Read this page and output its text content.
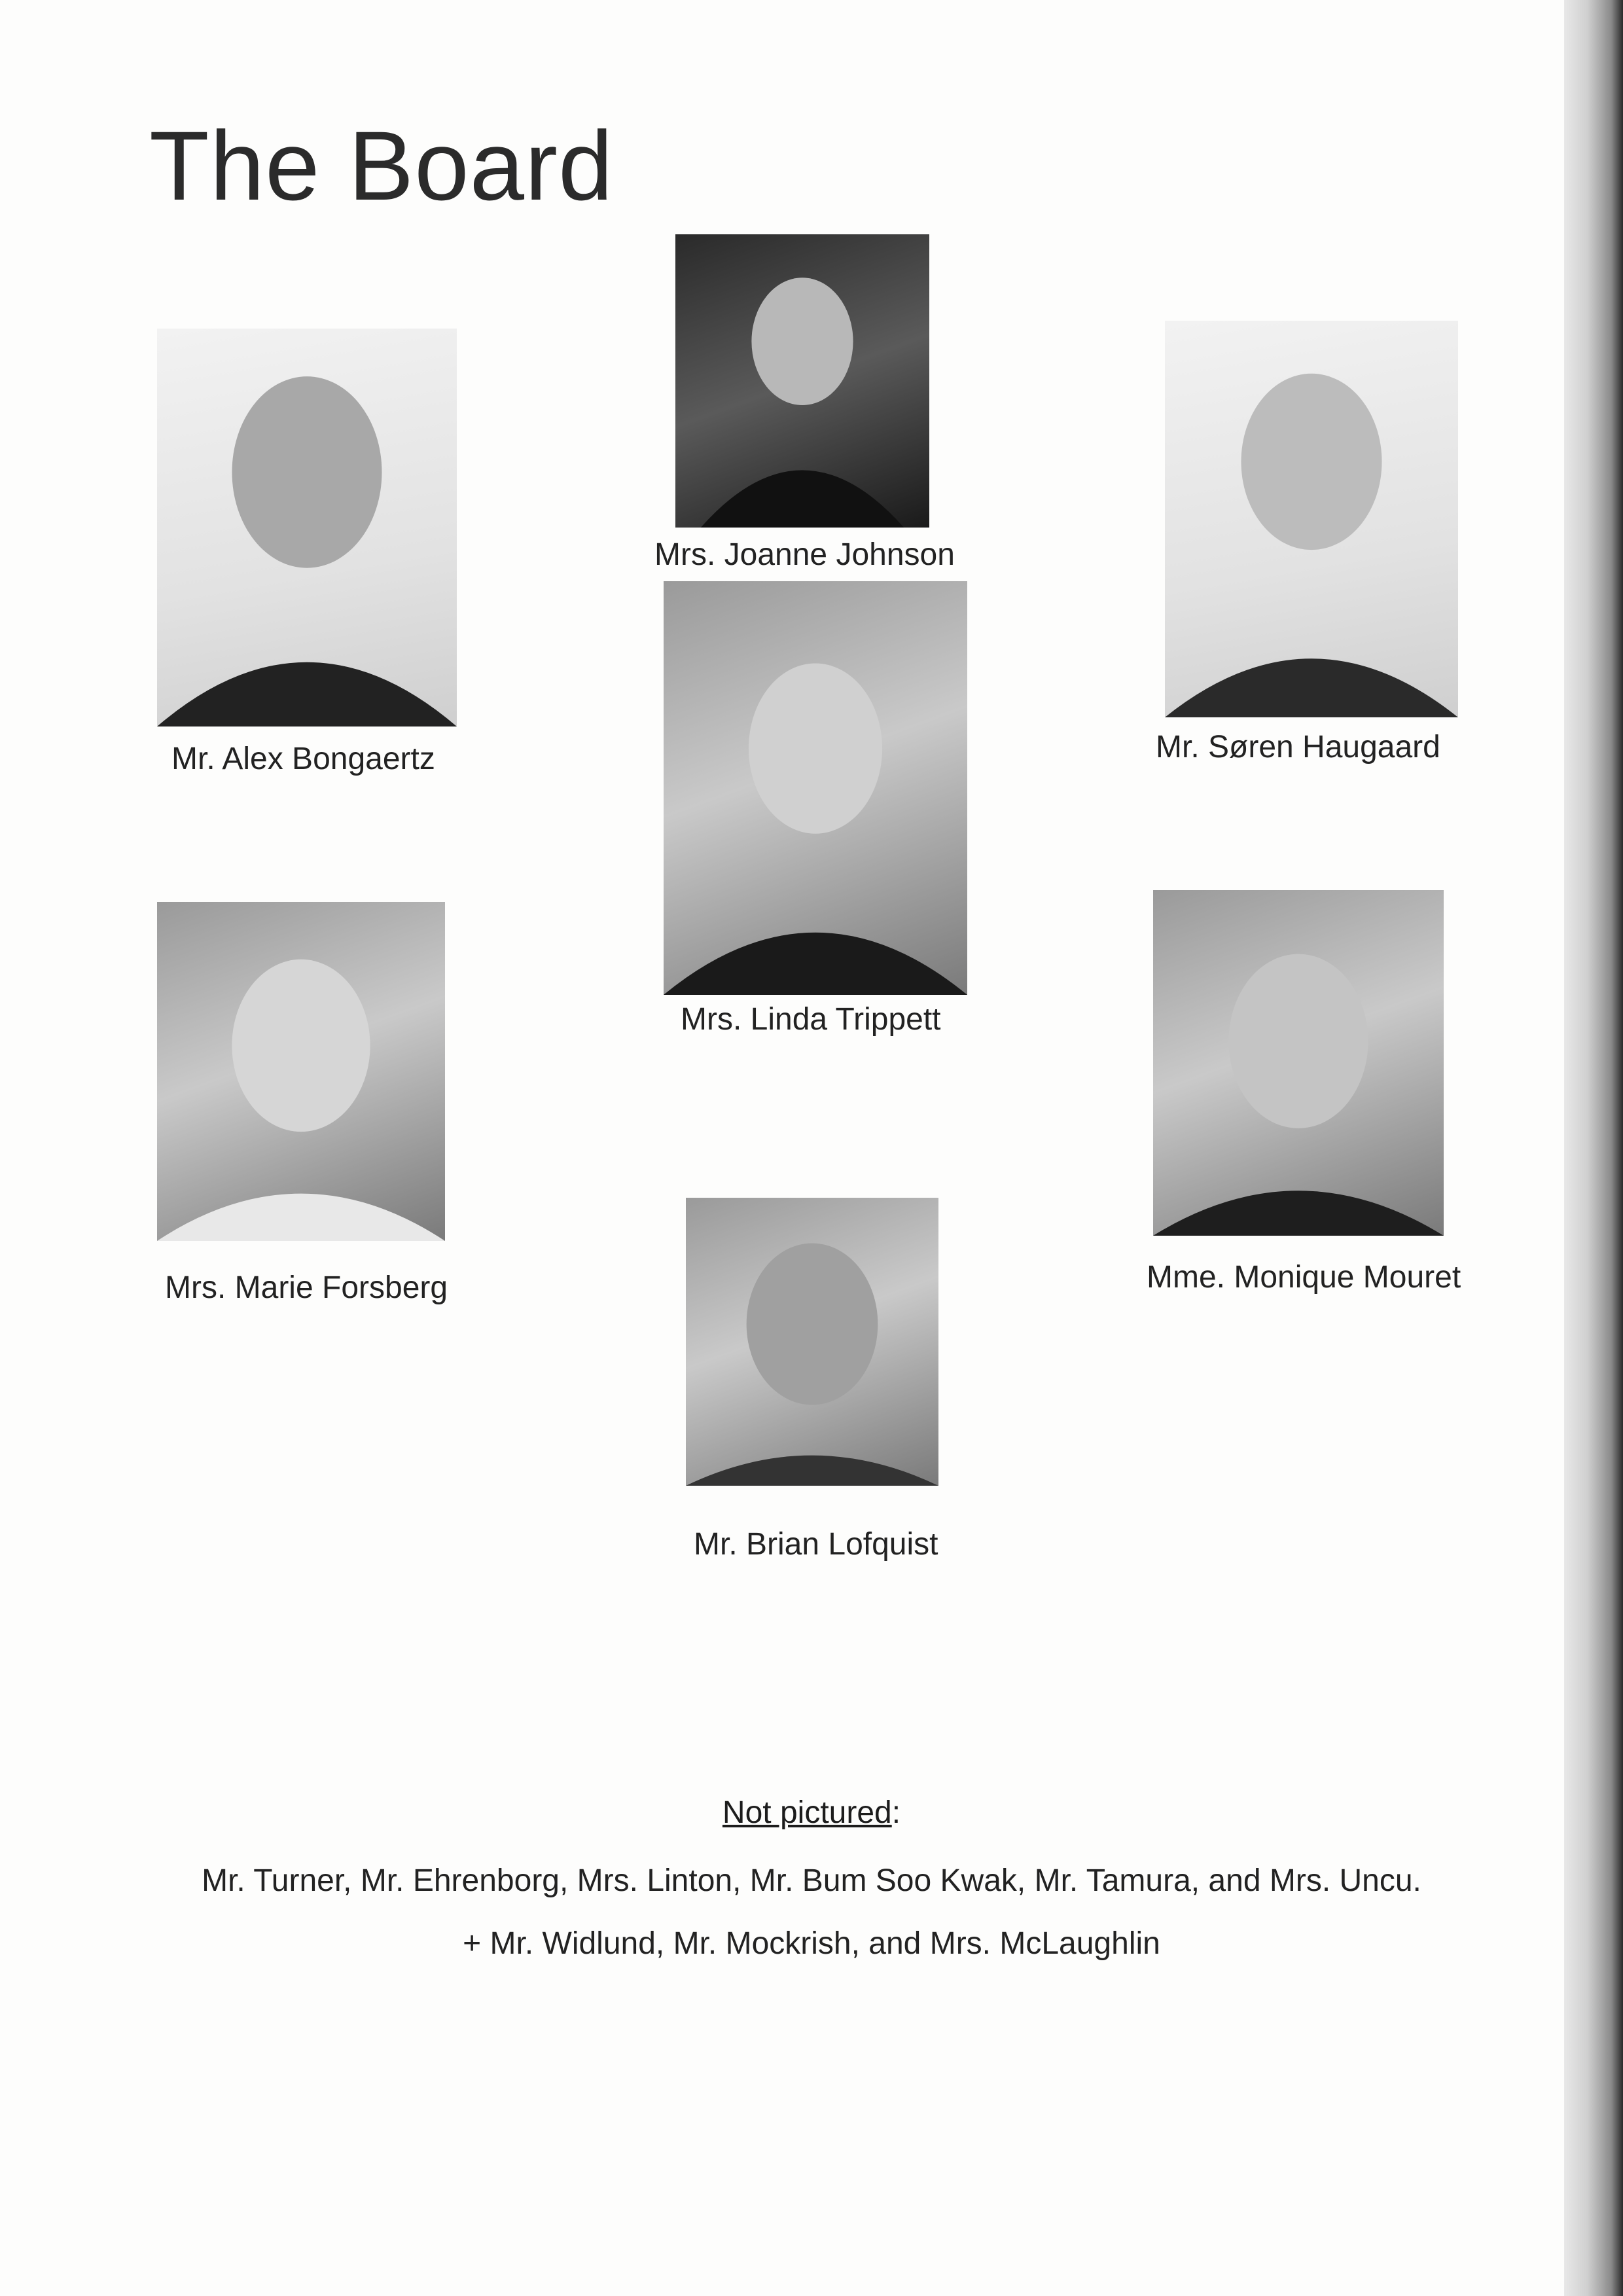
The Board
Mrs. Joanne Johnson
Mr. Alex Bongaertz	Mr. Søren Haugaard
Mrs. Linda Trippett
Mrs. Marie Forsberg	Mme. Monique Mouret
Mr. Brian Lofquist
Not pictured:
Mr. Turner, Mr. Ehrenborg, Mrs. Linton, Mr. Bum Soo Kwak, Mr. Tamura, and Mrs. Uncu.
+ Mr. Widlund, Mr. Mockrish, and Mrs. McLaughlin
